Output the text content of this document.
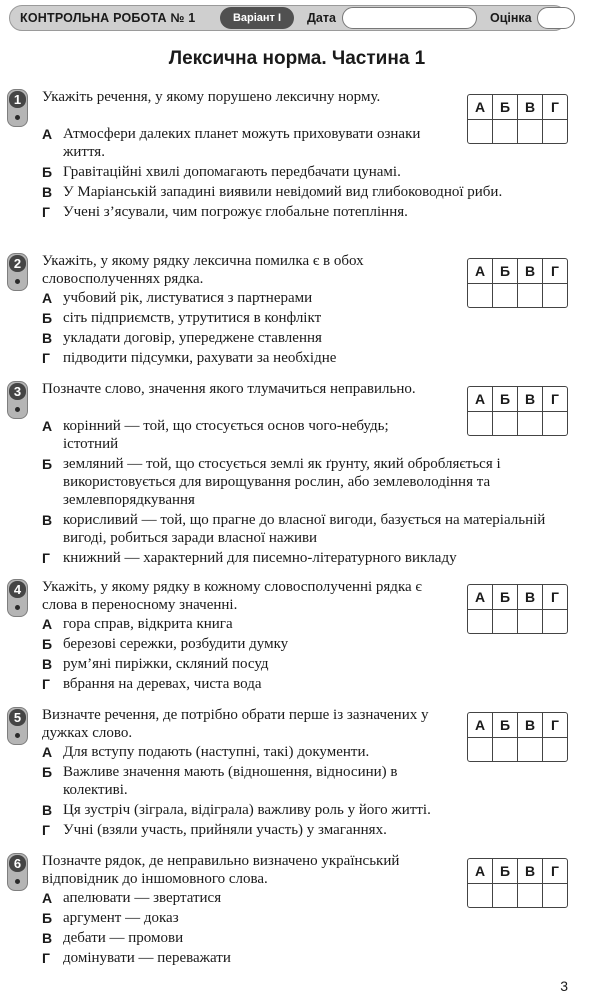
КОНТРОЛЬНА РОБОТА № 1	Варіант І	Дата	Оцінка
Лексична норма. Частина 1
1	Укажіть речення, у якому порушено лексичну норму.
А	Б	В	Г
А Атмосфери далеких планет можуть приховувати ознаки життя.
Б Гравітаційні хвилі допомагають передбачати цунамі.
В У Маріанській западині виявили невідомий вид глибоководної риби.
Г Учені з’ясували, чим погрожує глобальне потепління.
2	Укажіть, у якому рядку лексична помилка є в обох словосполученнях рядка.	А	Б	В	Г
А учбовий рік, листуватися з партнерами
Б сіть підприємств, утрутитися в конфлікт
В укладати договір, упереджене ставлення
Г підводити підсумки, рахувати за необхідне
3	Позначте слово, значення якого тлумачиться неправильно.
А	Б	В	Г
А корінний — той, що стосується основ чого-небудь; істотний
Б земляний — той, що стосується землі як ґрунту, який обробляється і використовується для вирощування рослин, або землеволодіння та землевпорядкування
В корисливий — той, що прагне до власної вигоди, базується на матеріальній вигоді, робиться заради власної наживи
Г книжний — характерний для писемно-літературного викладу
4	Укажіть, у якому рядку в кожному словосполученні рядка є слова в переносному значенні.	А	Б	В	Г
А гора справ, відкрита книга
Б березові сережки, розбудити думку
В рум’яні пиріжки, скляний посуд
Г вбрання на деревах, чиста вода
5	Визначте речення, де потрібно обрати перше із зазначених у дужках слово.	А	Б	В	Г
А Для вступу подають (наступні, такі) документи.
Б Важливе значення мають (відношення, відносини) в колективі.
В Ця зустріч (зіграла, відіграла) важливу роль у його житті.
Г Учні (взяли участь, прийняли участь) у змаганнях.
6	Позначте рядок, де неправильно визначено український відповідник до іншомовного слова.	А	Б	В	Г
А апелювати — звертатися
Б аргумент — доказ
В дебати — промови
Г домінувати — переважати
3
